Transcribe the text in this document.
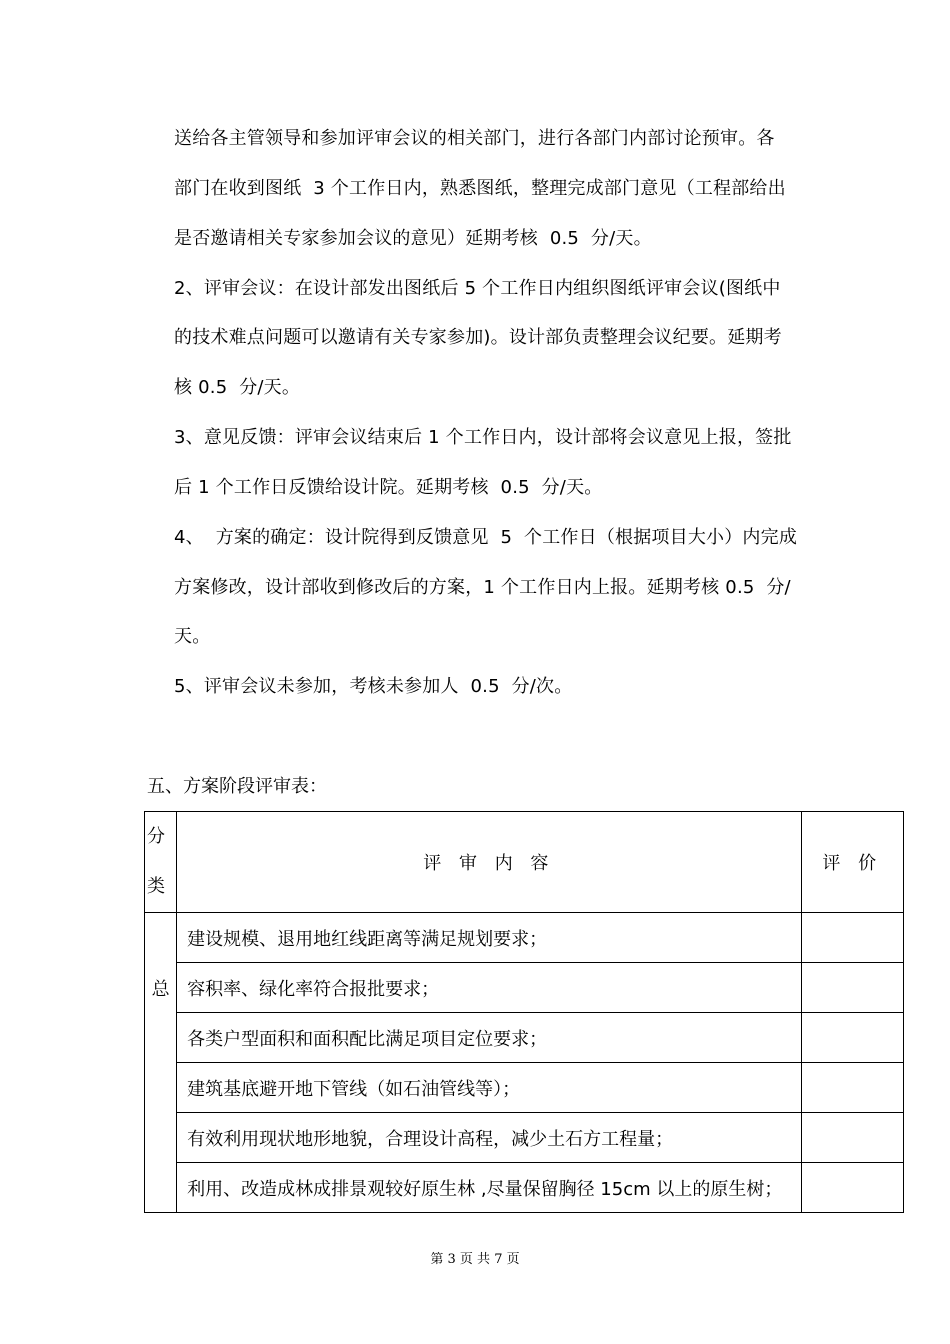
送给各主管领导和参加评审会议的相关部门，进行各部门内部讨论预审。各
部门在收到图纸  3 个工作日内，熟悉图纸，整理完成部门意见（工程部给出
是否邀请相关专家参加会议的意见）延期考核  0.5  分/天。
2、评审会议：在设计部发出图纸后 5 个工作日内组织图纸评审会议(图纸中
的技术难点问题可以邀请有关专家参加)。设计部负责整理会议纪要。延期考
核 0.5  分/天。
3、意见反馈：评审会议结束后 1 个工作日内，设计部将会议意见上报，签批
后 1 个工作日反馈给设计院。延期考核  0.5  分/天。
4、  方案的确定：设计院得到反馈意见  5  个工作日（根据项目大小）内完成
方案修改，设计部收到修改后的方案，1 个工作日内上报。延期考核 0.5  分/
天。
5、评审会议未参加，考核未参加人  0.5  分/次。
五、方案阶段评审表：
分
类	评 审 内 容	评 价
总	建设规模、退用地红线距离等满足规划要求；	
	容积率、绿化率符合报批要求；	
	各类户型面积和面积配比满足项目定位要求；	
	建筑基底避开地下管线（如石油管线等）；	
	有效利用现状地形地貌，合理设计高程，减少土石方工程量；	
	利用、改造成林成排景观较好原生林 ,尽量保留胸径 15cm 以上的原生树；	
第 3 页 共 7 页
